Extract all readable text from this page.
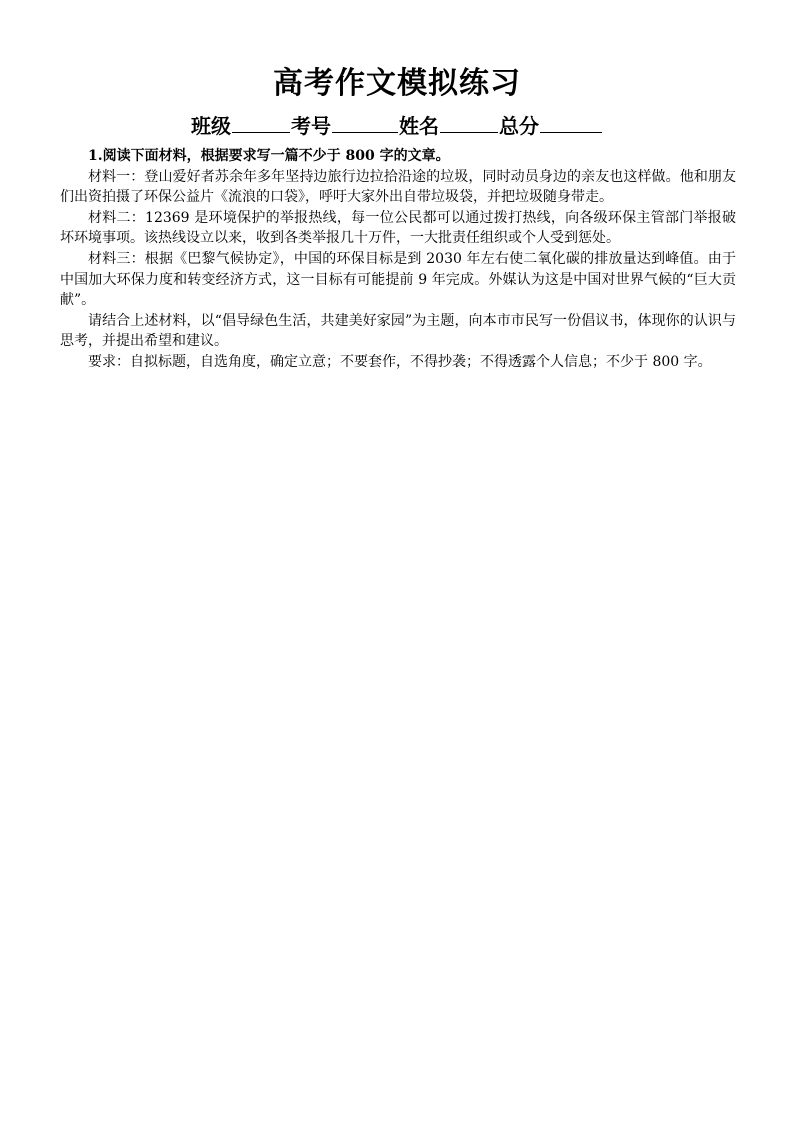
高考作文模拟练习
班级	考号	姓名	总分

1.阅读下面材料，根据要求写一篇不少于 800 字的文章。

材料一：登山爱好者苏余年多年坚持边旅行边拉拾沿途的垃圾，同时动员身边的亲友也这样做。他和朋友们出资拍摄了环保公益片《流浪的口袋》，呼吁大家外出自带垃圾袋，并把垃圾随身带走。

材料二：12369 是环境保护的举报热线，每一位公民都可以通过拨打热线，向各级环保主管部门举报破坏环境事项。该热线设立以来，收到各类举报几十万件，一大批责任组织或个人受到惩处。

材料三：根据《巴黎气候协定》，中国的环保目标是到 2030 年左右使二氧化碳的排放量达到峰值。由于中国加大环保力度和转变经济方式，这一目标有可能提前 9 年完成。外媒认为这是中国对世界气候的“巨大贡献”。

请结合上述材料，以“倡导绿色生活，共建美好家园”为主题，向本市市民写一份倡议书，体现你的认识与思考，并提出希望和建议。

要求：自拟标题，自选角度，确定立意；不要套作，不得抄袭；不得透露个人信息；不少于 800 字。
